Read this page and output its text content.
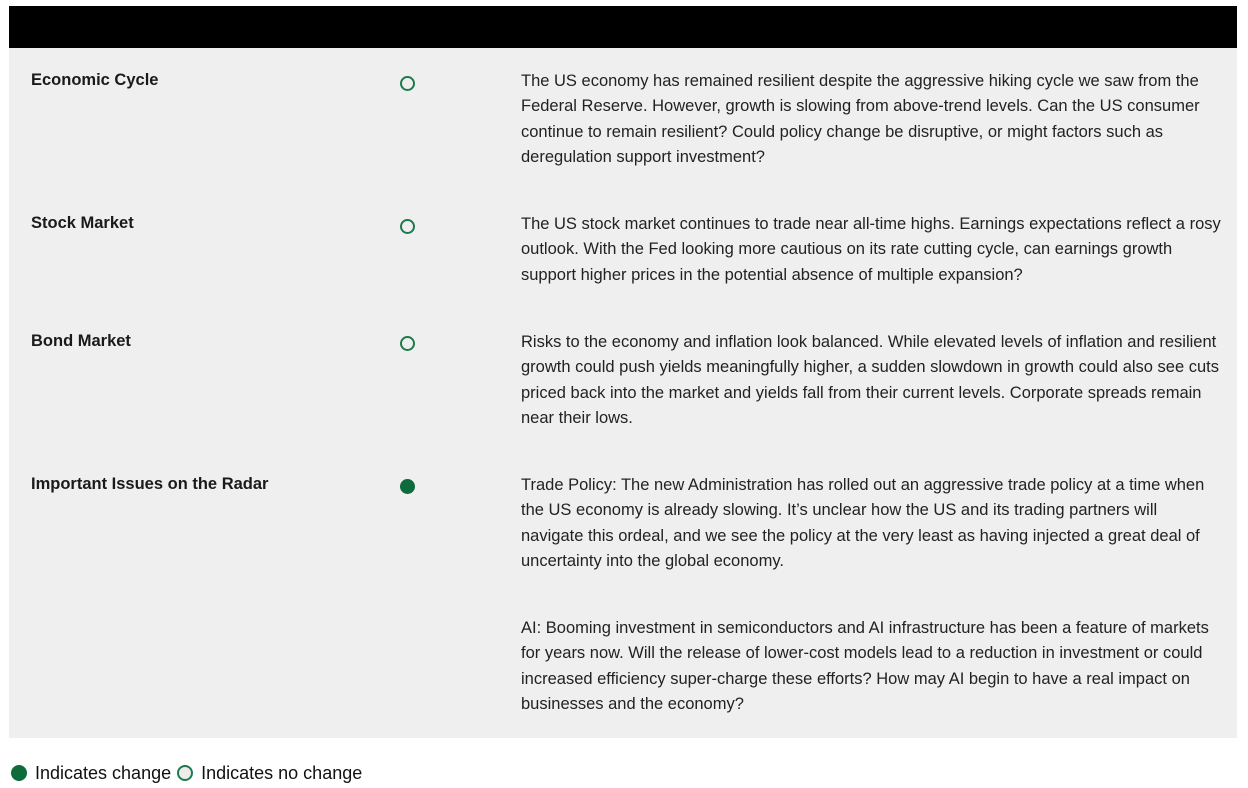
Economic Cycle	The US economy has remained resilient despite the aggressive hiking cycle we saw from the Federal Reserve. However, growth is slowing from above-trend levels. Can the US consumer continue to remain resilient? Could policy change be disruptive, or might factors such as deregulation support investment?
Stock Market	The US stock market continues to trade near all-time highs. Earnings expectations reflect a rosy outlook. With the Fed looking more cautious on its rate cutting cycle, can earnings growth support higher prices in the potential absence of multiple expansion?
Bond Market	Risks to the economy and inflation look balanced. While elevated levels of inflation and resilient growth could push yields meaningfully higher, a sudden slowdown in growth could also see cuts priced back into the market and yields fall from their current levels. Corporate spreads remain near their lows.
Important Issues on the Radar	Trade Policy: The new Administration has rolled out an aggressive trade policy at a time when the US economy is already slowing. It’s unclear how the US and its trading partners will navigate this ordeal, and we see the policy at the very least as having injected a great deal of uncertainty into the global economy.
AI: Booming investment in semiconductors and AI infrastructure has been a feature of markets for years now. Will the release of lower-cost models lead to a reduction in investment or could increased efficiency super-charge these efforts? How may AI begin to have a real impact on businesses and the economy?
Indicates change Indicates no change
